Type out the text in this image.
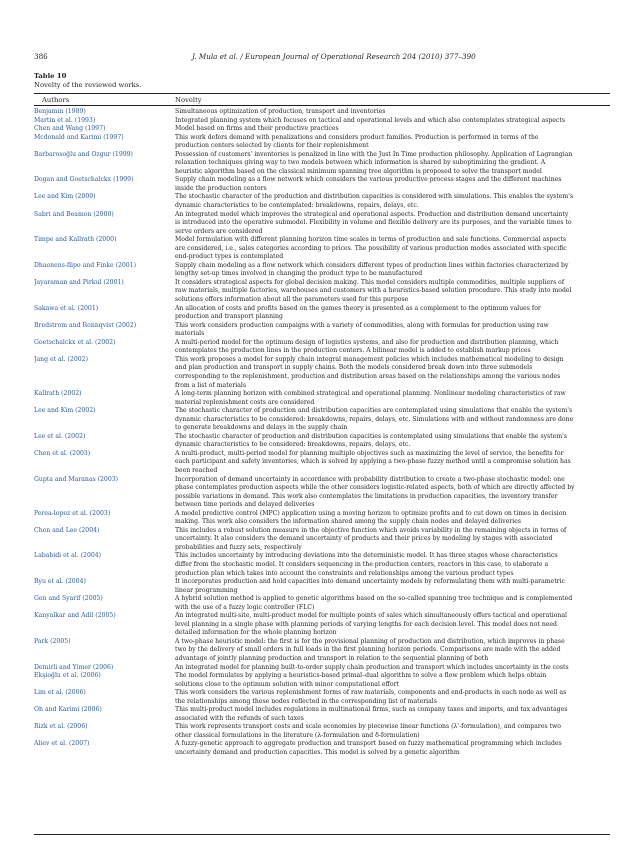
386	J. Mula et al. / European Journal of Operational Research 204 (2010) 377–390
Table 10
Novelty of the reviewed works.
Authors	Novelty
Benjamin (1989)	Simultaneous optimization of production, transport and inventories
Martin et al. (1993)	Integrated planning system which focuses on tactical and operational levels and which also contemplates strategical aspects
Chen and Wang (1997)	Model based on firms and their productive practices
Mcdonald and Karimi (1997)	This work defers demand with penalizations and considers product families. Production is performed in terms of the
production centers selected by clients for their replenishment
Barbarosoğlu and Ozgur (1999)	Possession of customers' inventories is penalized in line with the Just In Time production philosophy. Application of Lagrangian
relaxation techniques giving way to two models between which information is shared by suboptimizing the gradient. A
heuristic algorithm based on the classical minimum spanning tree algorithm is proposed to solve the transport model
Dogan and Goetschalckx (1999)	Supply chain modeling as a flow network which considers the various productive process stages and the different machines
inside the production centers
Lee and Kim (2000)	The stochastic character of the production and distribution capacities is considered with simulations. This enables the system's
dynamic characteristics to be contemplated: breakdowns, repairs, delays, etc.
Sabri and Beamon (2000)	An integrated model which improves the strategical and operational aspects. Production and distribution demand uncertainty
is introduced into the operative submodel. Flexibility in volume and flexible delivery are its purposes, and the variable times to
serve orders are considered
Timpe and Kallrath (2000)	Model formulation with different planning horizon time scales in terms of production and sale functions. Commercial aspects
are considered, i.e., sales categories according to prices. The possibility of various production modes associated with specific
end-product types is contemplated
Dhaenens-flipo and Finke (2001)	Supply chain modeling as a flow network which considers different types of production lines within factories characterized by
lengthy set-up times involved in changing the product type to be manufactured
Jayaraman and Pirkul (2001)	It considers strategical aspects for global decision making. This model considers multiple commodities, multiple suppliers of
raw materials, multiple factories, warehouses and customers with a heuristics-based solution procedure. This study into model
solutions offers information about all the parameters used for this purpose
Sakawa et al. (2001)	An allocation of costs and profits based on the games theory is presented as a complement to the optimum values for
production and transport planning
Bredstrom and Ronnqvist (2002)	This work considers production campaigns with a variety of commodities, along with formulas for production using raw
materials
Goetschalckx et al. (2002)	A multi-period model for the optimum design of logistics systems, and also for production and distribution planning, which
contemplates the production lines in the production centers. A bilinear model is added to establish markup prices
Jang et al. (2002)	This work proposes a model for supply chain integral management policies which includes mathematical modeling to design
and plan production and transport in supply chains. Both the models considered break down into three submodels
corresponding to the replenishment, production and distribution areas based on the relationships among the various nodes
from a list of materials
Kallrath (2002)	A long-term planning horizon with combined strategical and operational planning. Nonlinear modeling characteristics of raw
material replenishment costs are considered
Lee and Kim (2002)	The stochastic character of production and distribution capacities are contemplated using simulations that enable the system's
dynamic characteristics to be considered: breakdowns, repairs, delays, etc. Simulations with and without randomness are done
to generate breakdowns and delays in the supply chain
Lee et al. (2002)	The stochastic character of production and distribution capacities is contemplated using simulations that enable the system's
dynamic characteristics to be considered: breakdowns, repairs, delays, etc.
Chen et al. (2003)	A multi-product, multi-period model for planning multiple objectives such as maximizing the level of service, the benefits for
each participant and safety inventories, which is solved by applying a two-phase fuzzy method until a compromise solution has
been reached
Gupta and Maranas (2003)	Incorporation of demand uncertainty in accordance with probability distribution to create a two-phase stochastic model: one
phase contemplates production aspects while the other considers logistic-related aspects, both of which are directly affected by
possible variations in demand. This work also contemplates the limitations in production capacities, the inventory transfer
between time periods and delayed deliveries
Perea-lopez et al. (2003)	A model predictive control (MPC) application using a moving horizon to optimize profits and to cut down on times in decision
making. This work also considers the information shared among the supply chain nodes and delayed deliveries
Chen and Lee (2004)	This includes a robust solution measure in the objective function which avoids variability in the remaining objects in terms of
uncertainty. It also considers the demand uncertainty of products and their prices by modeling by stages with associated
probabilities and fuzzy sets, respectively
Lababidi et al. (2004)	This includes uncertainty by introducing deviations into the deterministic model. It has three stages whose characteristics
differ from the stochastic model. It considers sequencing in the production centers, reactors in this case, to elaborate a
production plan which takes into account the constraints and relationships among the various product types
Ryu et al. (2004)	It incorporates production and hold capacities into demand uncertainty models by reformulating them with multi-parametric
linear programming
Gen and Syarif (2005)	A hybrid solution method is applied to genetic algorithms based on the so-called spanning tree technique and is complemented
with the use of a fuzzy logic controller (FLC)
Kanyalkar and Adil (2005)	An integrated multi-site, multi-product model for multiple points of sales which simultaneously offers tactical and operational
level planning in a single phase with planning periods of varying lengths for each decision level. This model does not need
detailed information for the whole planning horizon
Park (2005)	A two-phase heuristic model: the first is for the provisional planning of production and distribution, which improves in phase
two by the delivery of small orders in full loads in the first planning horizon periods. Comparisons are made with the added
advantage of jointly planning production and transport in relation to the sequential planning of both
Demirli and Yimer (2006)	An integrated model for planning built-to-order supply chain production and transport which includes uncertainty in the costs
Ekşioğlu et al. (2006)	The model formulates by applying a heuristics-based primal–dual algorithm to solve a flow problem which helps obtain
solutions close to the optimum solution with minor computational effort
Lim et al. (2006)	This work considers the various replenishment forms of raw materials, components and end-products in each node as well as
the relationships among these nodes reflected in the corresponding list of materials
Oh and Karimi (2006)	This multi-product model includes regulations in multinational firms, such as company taxes and imports, and tax advantages
associated with the refunds of such taxes
Rizk et al. (2006)	This work represents transport costs and scale economies by piecewise linear functions (λ'-formulation), and compares two
other classical formulations in the literature (λ-formulation and δ-formulation)
Aliev et al. (2007)	A fuzzy-genetic approach to aggregate production and transport based on fuzzy mathematical programming which includes
uncertainty demand and production capacities. This model is solved by a genetic algorithm
